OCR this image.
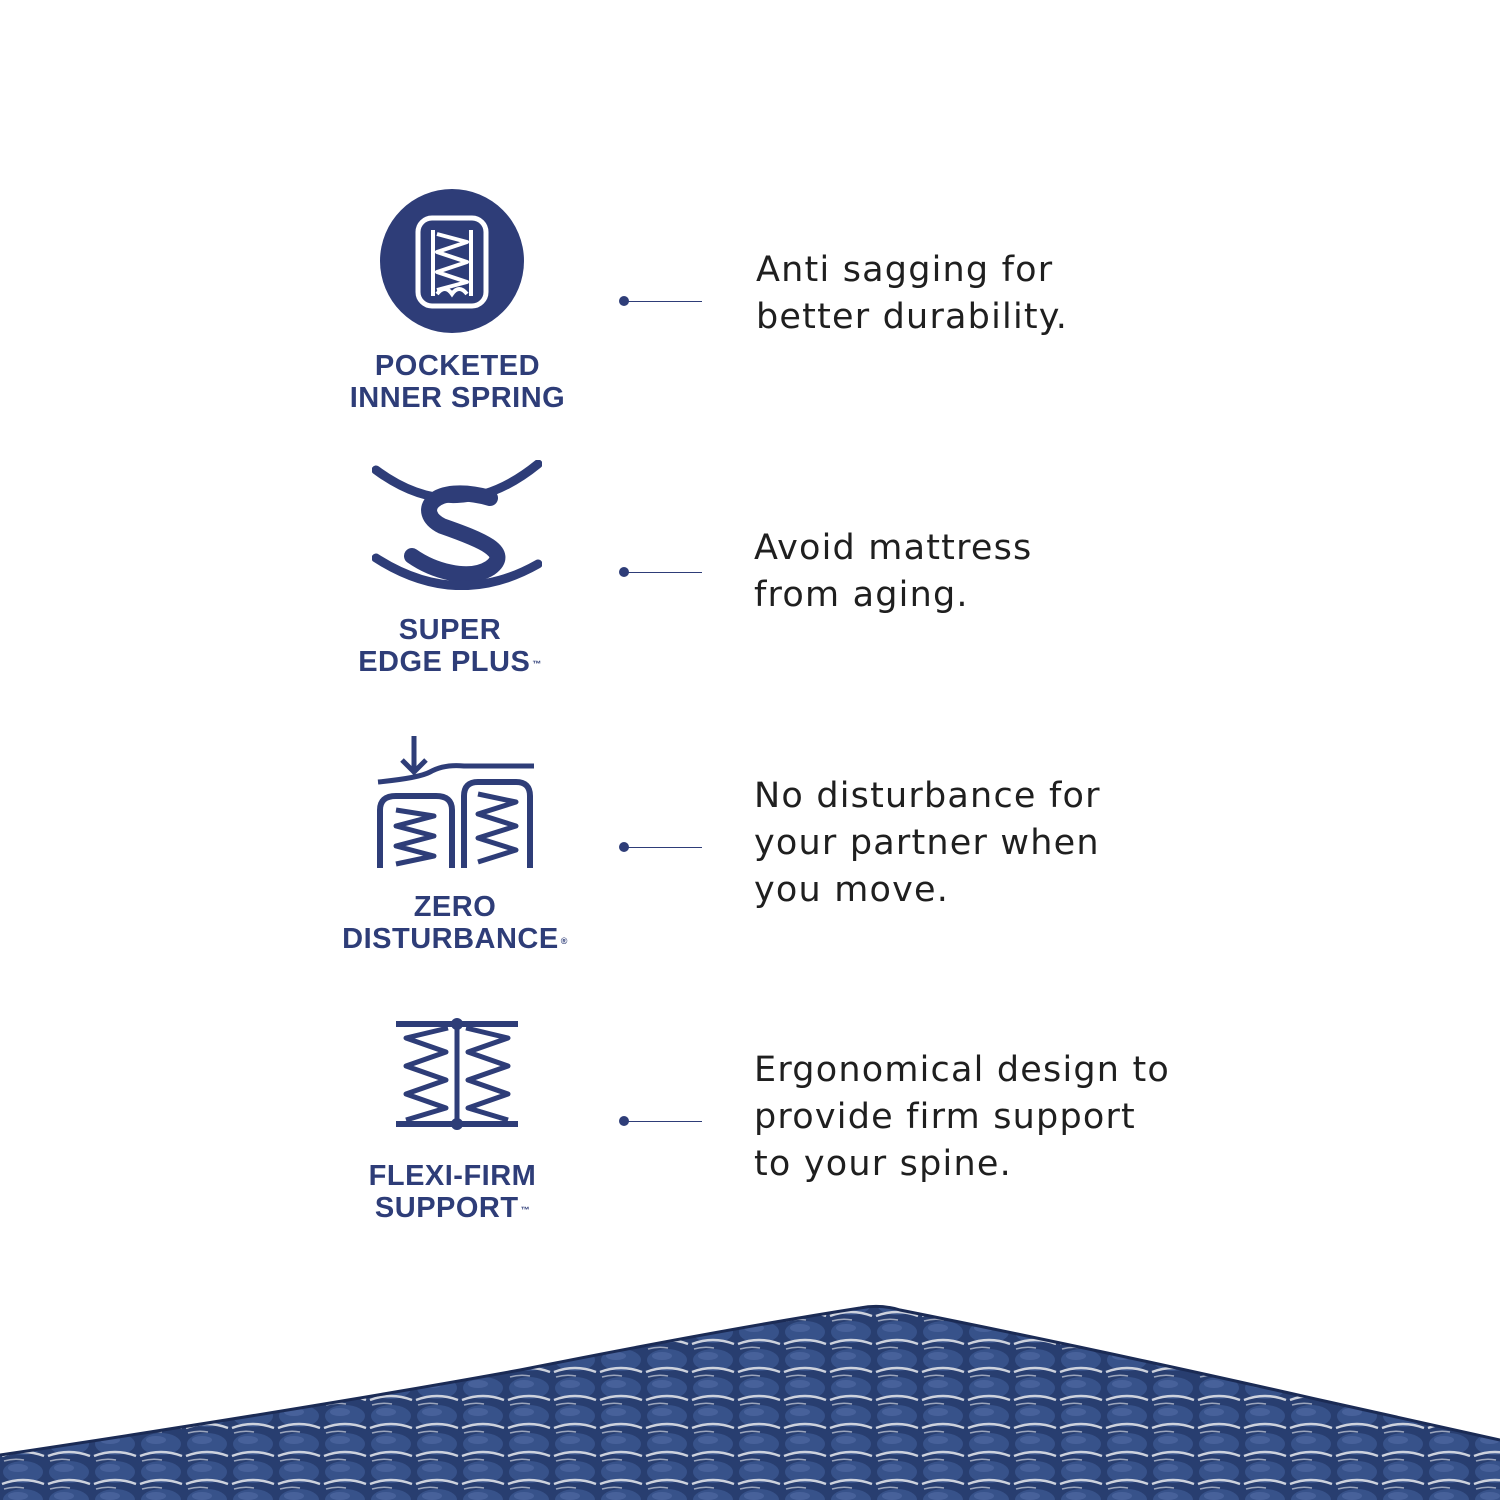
POCKETED
INNER SPRING
Anti sagging for
better durability.
SUPER
EDGE PLUS ™
Avoid mattress
from aging.
ZERO
DISTURBANCE ®
No disturbance for
your partner when
you move.
FLEXI-FIRM
SUPPORT ™
Ergonomical design to
provide firm support
to your spine.
